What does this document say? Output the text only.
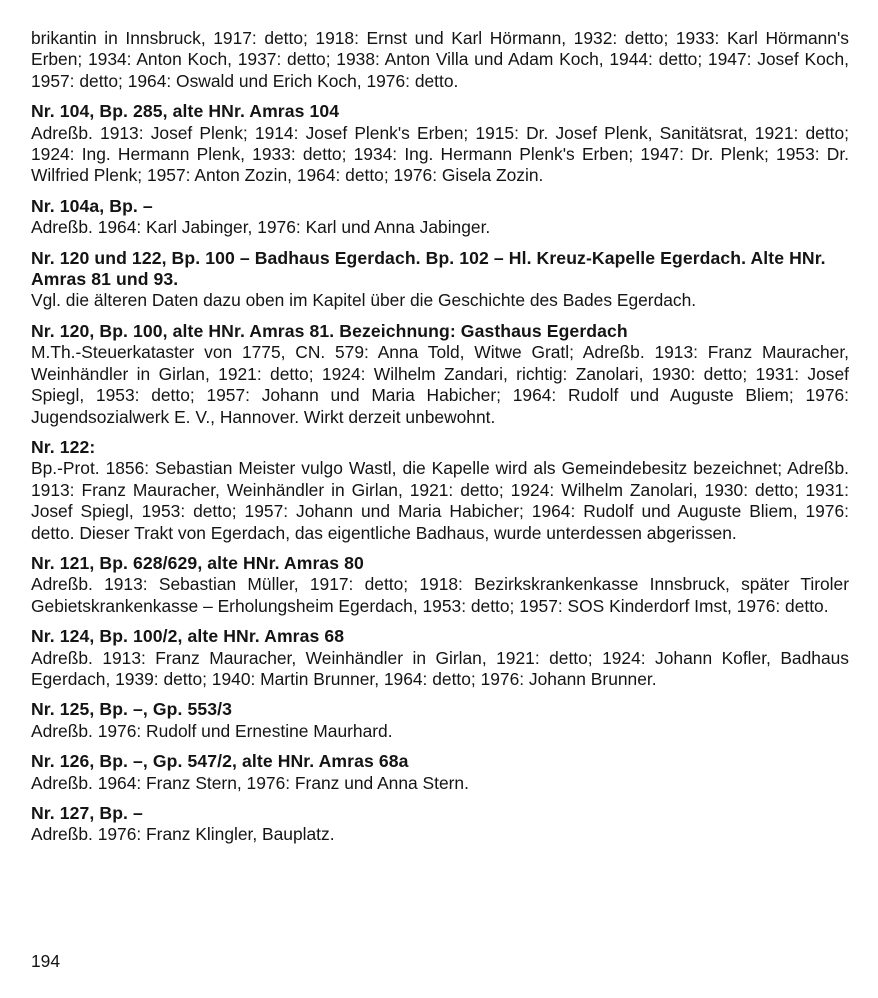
brikantin in Innsbruck, 1917: detto; 1918: Ernst und Karl Hörmann, 1932: detto; 1933: Karl Hörmann's Erben; 1934: Anton Koch, 1937: detto; 1938: Anton Villa und Adam Koch, 1944: detto; 1947: Josef Koch, 1957: detto; 1964: Oswald und Erich Koch, 1976: detto.

Nr. 104, Bp. 285, alte HNr. Amras 104

Adreßb. 1913: Josef Plenk; 1914: Josef Plenk's Erben; 1915: Dr. Josef Plenk, Sanitätsrat, 1921: detto; 1924: Ing. Hermann Plenk, 1933: detto; 1934: Ing. Hermann Plenk's Erben; 1947: Dr. Plenk; 1953: Dr. Wilfried Plenk; 1957: Anton Zozin, 1964: detto; 1976: Gisela Zozin.

Nr. 104a, Bp. –

Adreßb. 1964: Karl Jabinger, 1976: Karl und Anna Jabinger.

Nr. 120 und 122, Bp. 100 – Badhaus Egerdach. Bp. 102 – Hl. Kreuz-Kapelle Egerdach. Alte HNr. Amras 81 und 93.

Vgl. die älteren Daten dazu oben im Kapitel über die Geschichte des Bades Egerdach.

Nr. 120, Bp. 100, alte HNr. Amras 81. Bezeichnung: Gasthaus Egerdach

M.Th.-Steuerkataster von 1775, CN. 579: Anna Told, Witwe Gratl; Adreßb. 1913: Franz Mauracher, Weinhändler in Girlan, 1921: detto; 1924: Wilhelm Zandari, richtig: Zanolari, 1930: detto; 1931: Josef Spiegl, 1953: detto; 1957: Johann und Maria Habicher; 1964: Rudolf und Auguste Bliem; 1976: Jugendsozialwerk E. V., Hannover. Wirkt derzeit unbewohnt.

Nr. 122:

Bp.-Prot. 1856: Sebastian Meister vulgo Wastl, die Kapelle wird als Gemeindebesitz bezeichnet; Adreßb. 1913: Franz Mauracher, Weinhändler in Girlan, 1921: detto; 1924: Wilhelm Zanolari, 1930: detto; 1931: Josef Spiegl, 1953: detto; 1957: Johann und Maria Habicher; 1964: Rudolf und Auguste Bliem, 1976: detto. Dieser Trakt von Egerdach, das eigentliche Badhaus, wurde unterdessen abgerissen.

Nr. 121, Bp. 628/629, alte HNr. Amras 80

Adreßb. 1913: Sebastian Müller, 1917: detto; 1918: Bezirkskrankenkasse Innsbruck, später Tiroler Gebietskrankenkasse – Erholungsheim Egerdach, 1953: detto; 1957: SOS Kinderdorf Imst, 1976: detto.

Nr. 124, Bp. 100/2, alte HNr. Amras 68

Adreßb. 1913: Franz Mauracher, Weinhändler in Girlan, 1921: detto; 1924: Johann Kofler, Badhaus Egerdach, 1939: detto; 1940: Martin Brunner, 1964: detto; 1976: Johann Brunner.

Nr. 125, Bp. –, Gp. 553/3

Adreßb. 1976: Rudolf und Ernestine Maurhard.

Nr. 126, Bp. –, Gp. 547/2, alte HNr. Amras 68a

Adreßb. 1964: Franz Stern, 1976: Franz und Anna Stern.

Nr. 127, Bp. –

Adreßb. 1976: Franz Klingler, Bauplatz.

194
